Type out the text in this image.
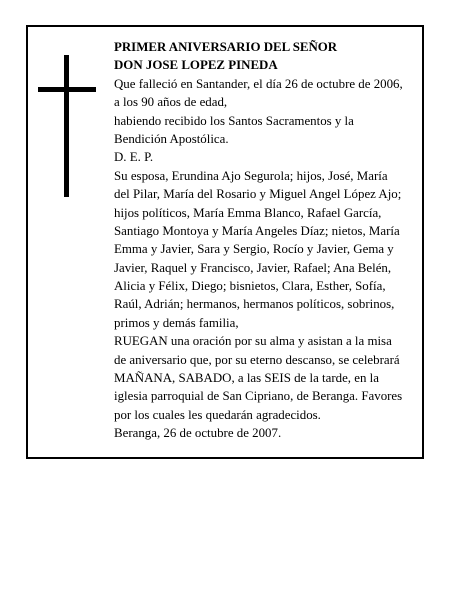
PRIMER ANIVERSARIO DEL SEÑOR
DON JOSE LOPEZ PINEDA
Que falleció en Santander, el día 26 de octubre de 2006,
a los 90 años de edad,
habiendo recibido los Santos Sacramentos y la
Bendición Apostólica.
D. E. P.
Su esposa, Erundina Ajo Segurola; hijos, José, María
del Pilar, María del Rosario y Miguel Angel López Ajo;
hijos políticos, María Emma Blanco, Rafael García,
Santiago Montoya y María Angeles Díaz; nietos, María
Emma y Javier, Sara y Sergio, Rocío y Javier, Gema y
Javier, Raquel y Francisco, Javier, Rafael; Ana Belén,
Alicia y Félix, Diego; bisnietos, Clara, Esther, Sofía,
Raúl, Adrián; hermanos, hermanos políticos, sobrinos,
primos y demás familia,
RUEGAN una oración por su alma y asistan a la misa
de aniversario que, por su eterno descanso, se celebrará
MAÑANA, SABADO, a las SEIS de la tarde, en la
iglesia parroquial de San Cipriano, de Beranga. Favores
por los cuales les quedarán agradecidos.
Beranga, 26 de octubre de 2007.
